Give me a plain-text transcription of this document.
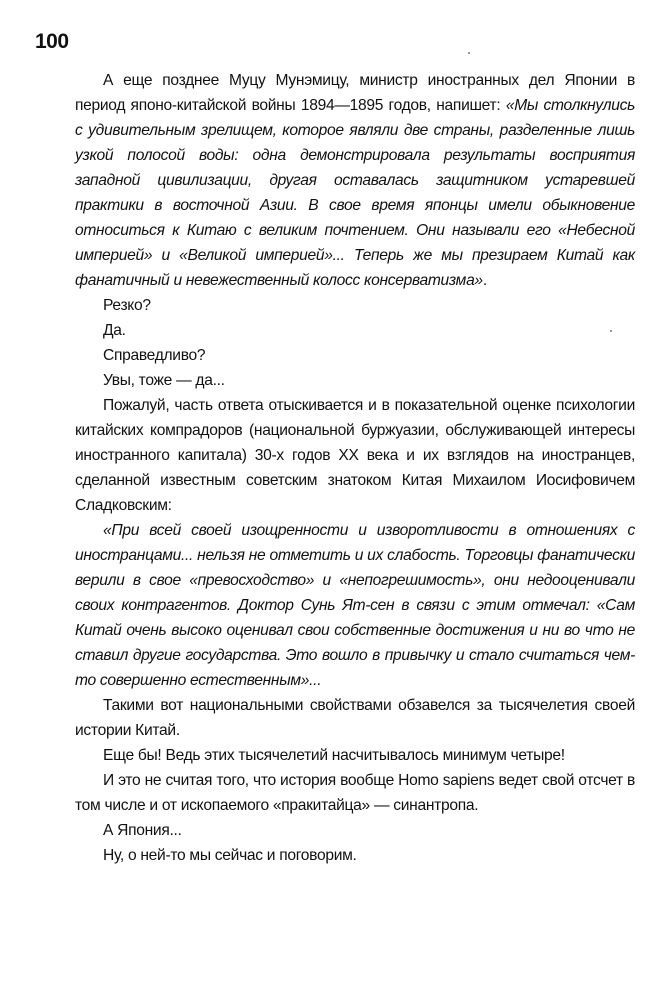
100

А еще позднее Муцу Мунэмицу, министр иностранных дел Японии в период японо-китайской войны 1894—1895 годов, напишет: «Мы столкнулись с удивительным зрелищем, которое являли две страны, разделенные лишь узкой полосой воды: одна демонстрировала результаты восприятия западной цивилизации, другая оставалась защитником устаревшей практики в восточной Азии. В свое время японцы имели обыкновение относиться к Китаю с великим почтением. Они называли его «Небесной империей» и «Великой империей»... Теперь же мы презираем Китай как фанатичный и невежественный колосс консерватизма».

Резко?

Да.

Справедливо?

Увы, тоже — да...

Пожалуй, часть ответа отыскивается и в показательной оценке психологии китайских компрадоров (национальной буржуазии, обслуживающей интересы иностранного капитала) 30-х годов XX века и их взглядов на иностранцев, сделанной известным советским знатоком Китая Михаилом Иосифовичем Сладковским:

«При всей своей изощренности и изворотливости в отношениях с иностранцами... нельзя не отметить и их слабость. Торговцы фанатически верили в свое «превосходство» и «непогрешимость», они недооценивали своих контрагентов. Доктор Сунь Ят-сен в связи с этим отмечал: «Сам Китай очень высоко оценивал свои собственные достижения и ни во что не ставил другие государства. Это вошло в привычку и стало считаться чем-то совершенно естественным»...

Такими вот национальными свойствами обзавелся за тысячелетия своей истории Китай.

Еще бы! Ведь этих тысячелетий насчитывалось минимум четыре!

И это не считая того, что история вообще Homo sapiens ведет свой отсчет в том числе и от ископаемого «пракитайца» — синантропа.

А Япония...

Ну, о ней-то мы сейчас и поговорим.
